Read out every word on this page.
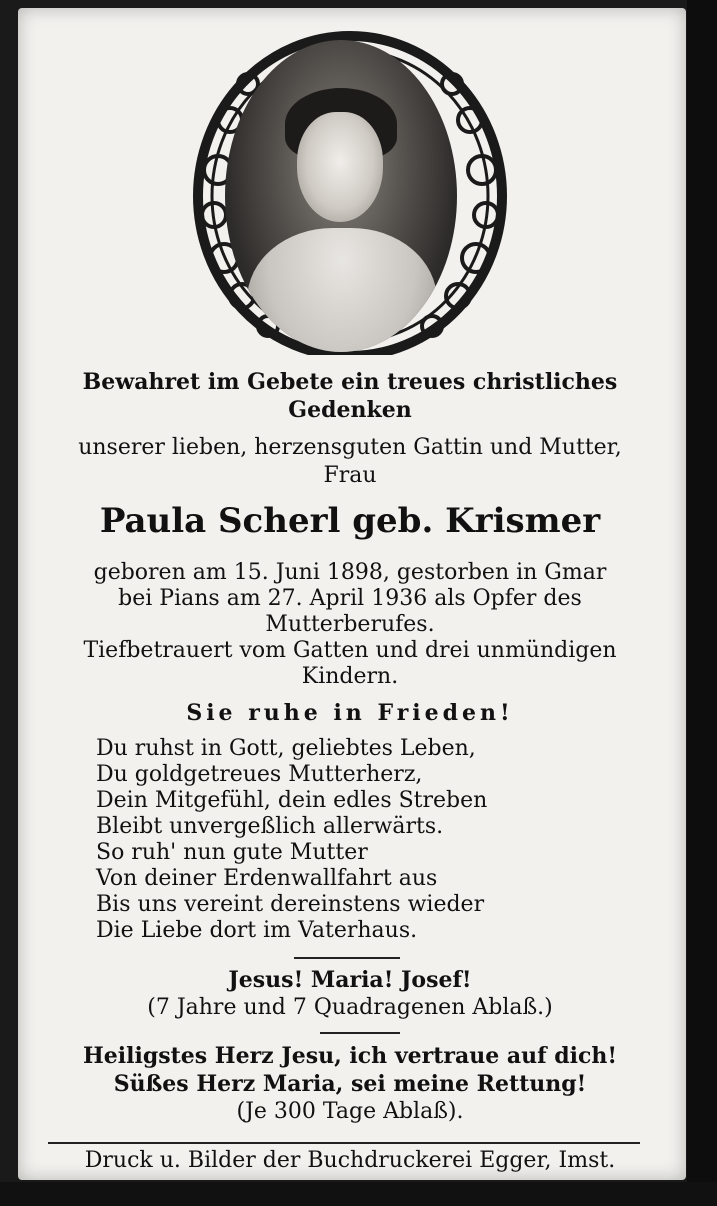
Bewahret im Gebete ein treues christliches
Gedenken
unserer lieben, herzensguten Gattin und Mutter,
Frau
Paula Scherl geb. Krismer
geboren am 15. Juni 1898, gestorben in Gmar
bei Pians am 27. April 1936 als Opfer des
Mutterberufes.
Tiefbetrauert vom Gatten und drei unmündigen
Kindern.
Sie ruhe in Frieden!
Du ruhst in Gott, geliebtes Leben,
Du goldgetreues Mutterherz,
Dein Mitgefühl, dein edles Streben
Bleibt unvergeßlich allerwärts.
So ruh' nun gute Mutter
Von deiner Erdenwallfahrt aus
Bis uns vereint dereinstens wieder
Die Liebe dort im Vaterhaus.
Jesus! Maria! Josef!
(7 Jahre und 7 Quadragenen Ablaß.)
Heiligstes Herz Jesu, ich vertraue auf dich!
Süßes Herz Maria, sei meine Rettung!
(Je 300 Tage Ablaß).
Druck u. Bilder der Buchdruckerei Egger, Imst.
